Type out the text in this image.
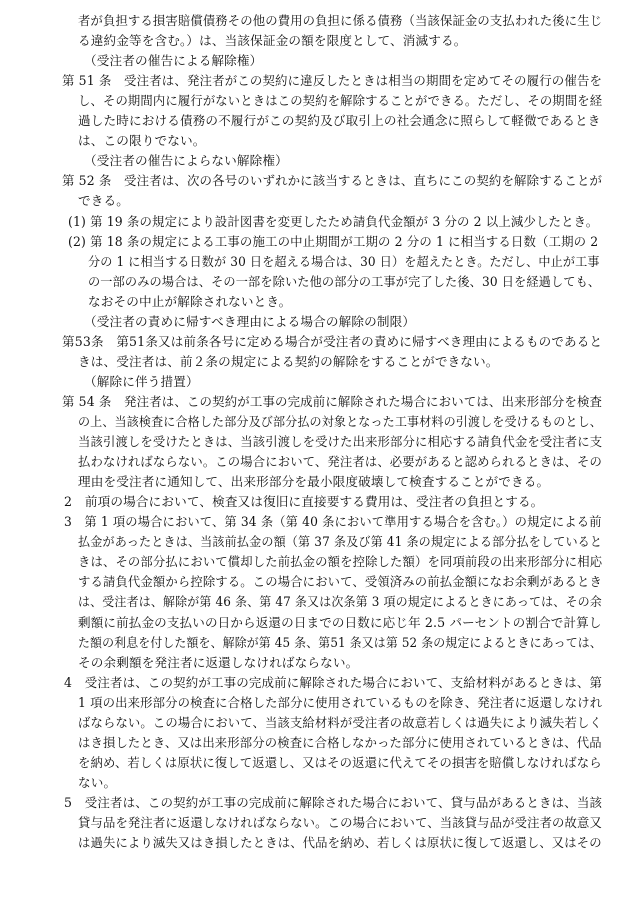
者が負担する損害賠償債務その他の費用の負担に係る債務（当該保証金の支払われた後に生じ
る違約金等を含む。）は、当該保証金の額を限度として、消滅する。
（受注者の催告による解除権）
第 51 条　受注者は、発注者がこの契約に違反したときは相当の期間を定めてその履行の催告を
し、その期間内に履行がないときはこの契約を解除することができる。ただし、その期間を経
過した時における債務の不履行がこの契約及び取引上の社会通念に照らして軽微であるとき
は、この限りでない。
（受注者の催告によらない解除権）
第 52 条　受注者は、次の各号のいずれかに該当するときは、直ちにこの契約を解除することが
できる。
(1) 第 19 条の規定により設計図書を変更したため請負代金額が 3 分の 2 以上減少したとき。
(2) 第 18 条の規定による工事の施工の中止期間が工期の 2 分の 1 に相当する日数（工期の 2
分の 1 に相当する日数が 30 日を超える場合は、30 日）を超えたとき。ただし、中止が工事
の一部のみの場合は、その一部を除いた他の部分の工事が完了した後、30 日を経過しても、
なおその中止が解除されないとき。
（受注者の責めに帰すべき理由による場合の解除の制限）
第53条　第51条又は前条各号に定める場合が受注者の責めに帰すべき理由によるものであると
きは、受注者は、前２条の規定による契約の解除をすることができない。
（解除に伴う措置）
第 54 条　発注者は、この契約が工事の完成前に解除された場合においては、出来形部分を検査
の上、当該検査に合格した部分及び部分払の対象となった工事材料の引渡しを受けるものとし、
当該引渡しを受けたときは、当該引渡しを受けた出来形部分に相応する請負代金を受注者に支
払わなければならない。この場合において、発注者は、必要があると認められるときは、その
理由を受注者に通知して、出来形部分を最小限度破壊して検査することができる。
2　前項の場合において、検査又は復旧に直接要する費用は、受注者の負担とする。
3　第 1 項の場合において、第 34 条（第 40 条において準用する場合を含む。）の規定による前
払金があったときは、当該前払金の額（第 37 条及び第 41 条の規定による部分払をしていると
きは、その部分払において償却した前払金の額を控除した額）を同項前段の出来形部分に相応
する請負代金額から控除する。この場合において、受領済みの前払金額になお余剰があるとき
は、受注者は、解除が第 46 条、第 47 条又は次条第 3 項の規定によるときにあっては、その余
剰額に前払金の支払いの日から返還の日までの日数に応じ年 2.5 パーセントの割合で計算し
た額の利息を付した額を、解除が第 45 条、第51 条又は第 52 条の規定によるときにあっては、
その余剰額を発注者に返還しなければならない。
4　受注者は、この契約が工事の完成前に解除された場合において、支給材料があるときは、第
1 項の出来形部分の検査に合格した部分に使用されているものを除き、発注者に返還しなけれ
ばならない。この場合において、当該支給材料が受注者の故意若しくは過失により滅失若しく
はき損したとき、又は出来形部分の検査に合格しなかった部分に使用されているときは、代品
を納め、若しくは原状に復して返還し、又はその返還に代えてその損害を賠償しなければなら
ない。
5　受注者は、この契約が工事の完成前に解除された場合において、貸与品があるときは、当該
貸与品を発注者に返還しなければならない。この場合において、当該貸与品が受注者の故意又
は過失により滅失又はき損したときは、代品を納め、若しくは原状に復して返還し、又はその
